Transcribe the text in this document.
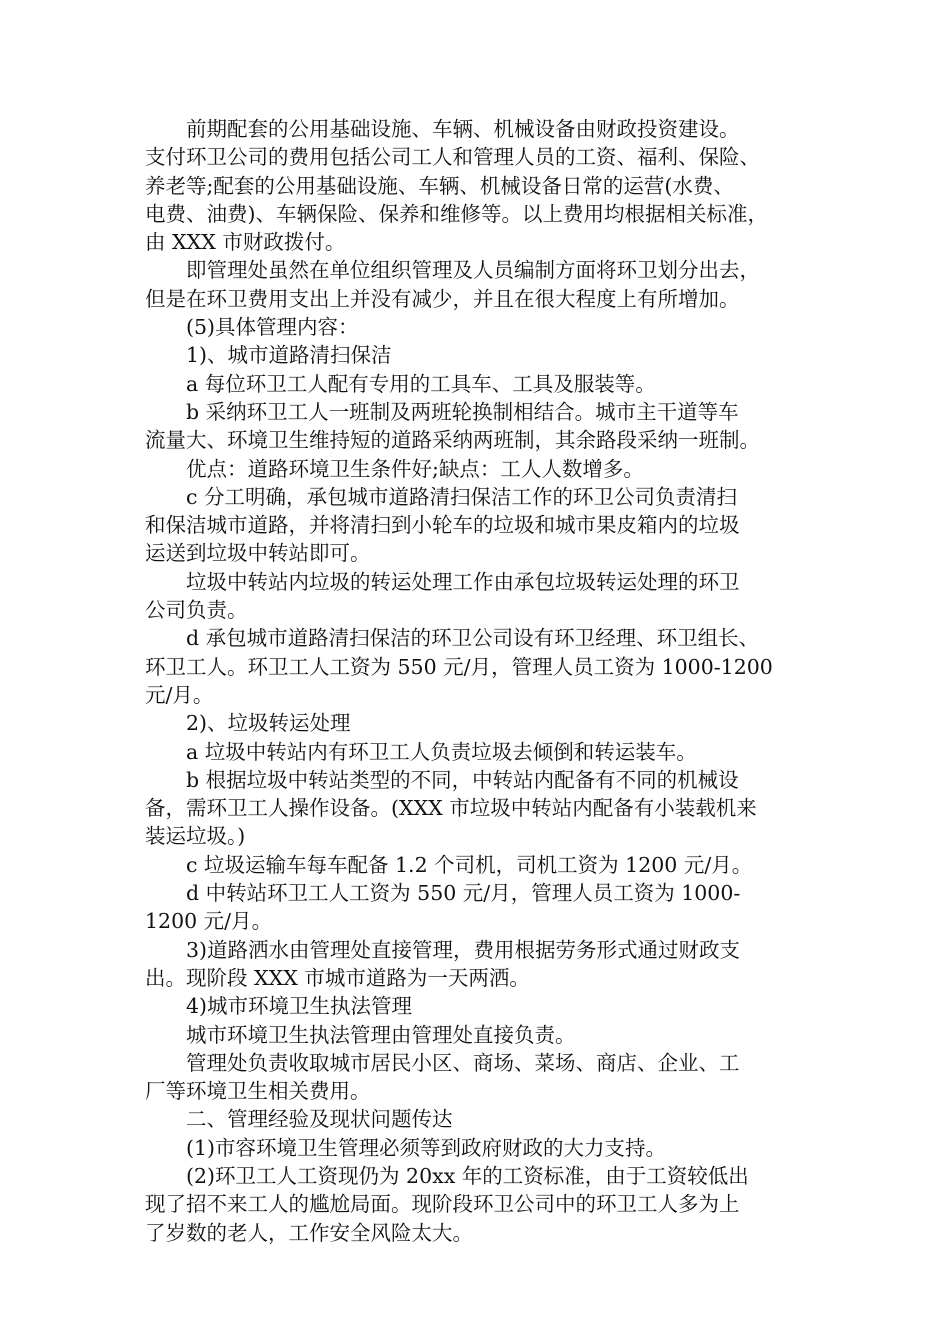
前期配套的公用基础设施、车辆、机械设备由财政投资建设。
支付环卫公司的费用包括公司工人和管理人员的工资、福利、保险、
养老等;配套的公用基础设施、车辆、机械设备日常的运营(水费、
电费、油费)、车辆保险、保养和维修等。以上费用均根据相关标准，
由 XXX 市财政拨付。
即管理处虽然在单位组织管理及人员编制方面将环卫划分出去，
但是在环卫费用支出上并没有减少，并且在很大程度上有所增加。
(5)具体管理内容：
1)、城市道路清扫保洁
a 每位环卫工人配有专用的工具车、工具及服装等。
b 采纳环卫工人一班制及两班轮换制相结合。城市主干道等车
流量大、环境卫生维持短的道路采纳两班制，其余路段采纳一班制。
优点：道路环境卫生条件好;缺点：工人人数增多。
c 分工明确，承包城市道路清扫保洁工作的环卫公司负责清扫
和保洁城市道路，并将清扫到小轮车的垃圾和城市果皮箱内的垃圾
运送到垃圾中转站即可。
垃圾中转站内垃圾的转运处理工作由承包垃圾转运处理的环卫
公司负责。
d 承包城市道路清扫保洁的环卫公司设有环卫经理、环卫组长、
环卫工人。环卫工人工资为 550 元/月，管理人员工资为 1000-1200
元/月。
2)、垃圾转运处理
a 垃圾中转站内有环卫工人负责垃圾去倾倒和转运装车。
b 根据垃圾中转站类型的不同，中转站内配备有不同的机械设
备，需环卫工人操作设备。(XXX 市垃圾中转站内配备有小装载机来
装运垃圾。)
c 垃圾运输车每车配备 1.2 个司机，司机工资为 1200 元/月。
d 中转站环卫工人工资为 550 元/月，管理人员工资为 1000-
1200 元/月。
3)道路洒水由管理处直接管理，费用根据劳务形式通过财政支
出。现阶段 XXX 市城市道路为一天两洒。
4)城市环境卫生执法管理
城市环境卫生执法管理由管理处直接负责。
管理处负责收取城市居民小区、商场、菜场、商店、企业、工
厂等环境卫生相关费用。
二、管理经验及现状问题传达
(1)市容环境卫生管理必须等到政府财政的大力支持。
(2)环卫工人工资现仍为 20xx 年的工资标准，由于工资较低出
现了招不来工人的尴尬局面。现阶段环卫公司中的环卫工人多为上
了岁数的老人，工作安全风险太大。
